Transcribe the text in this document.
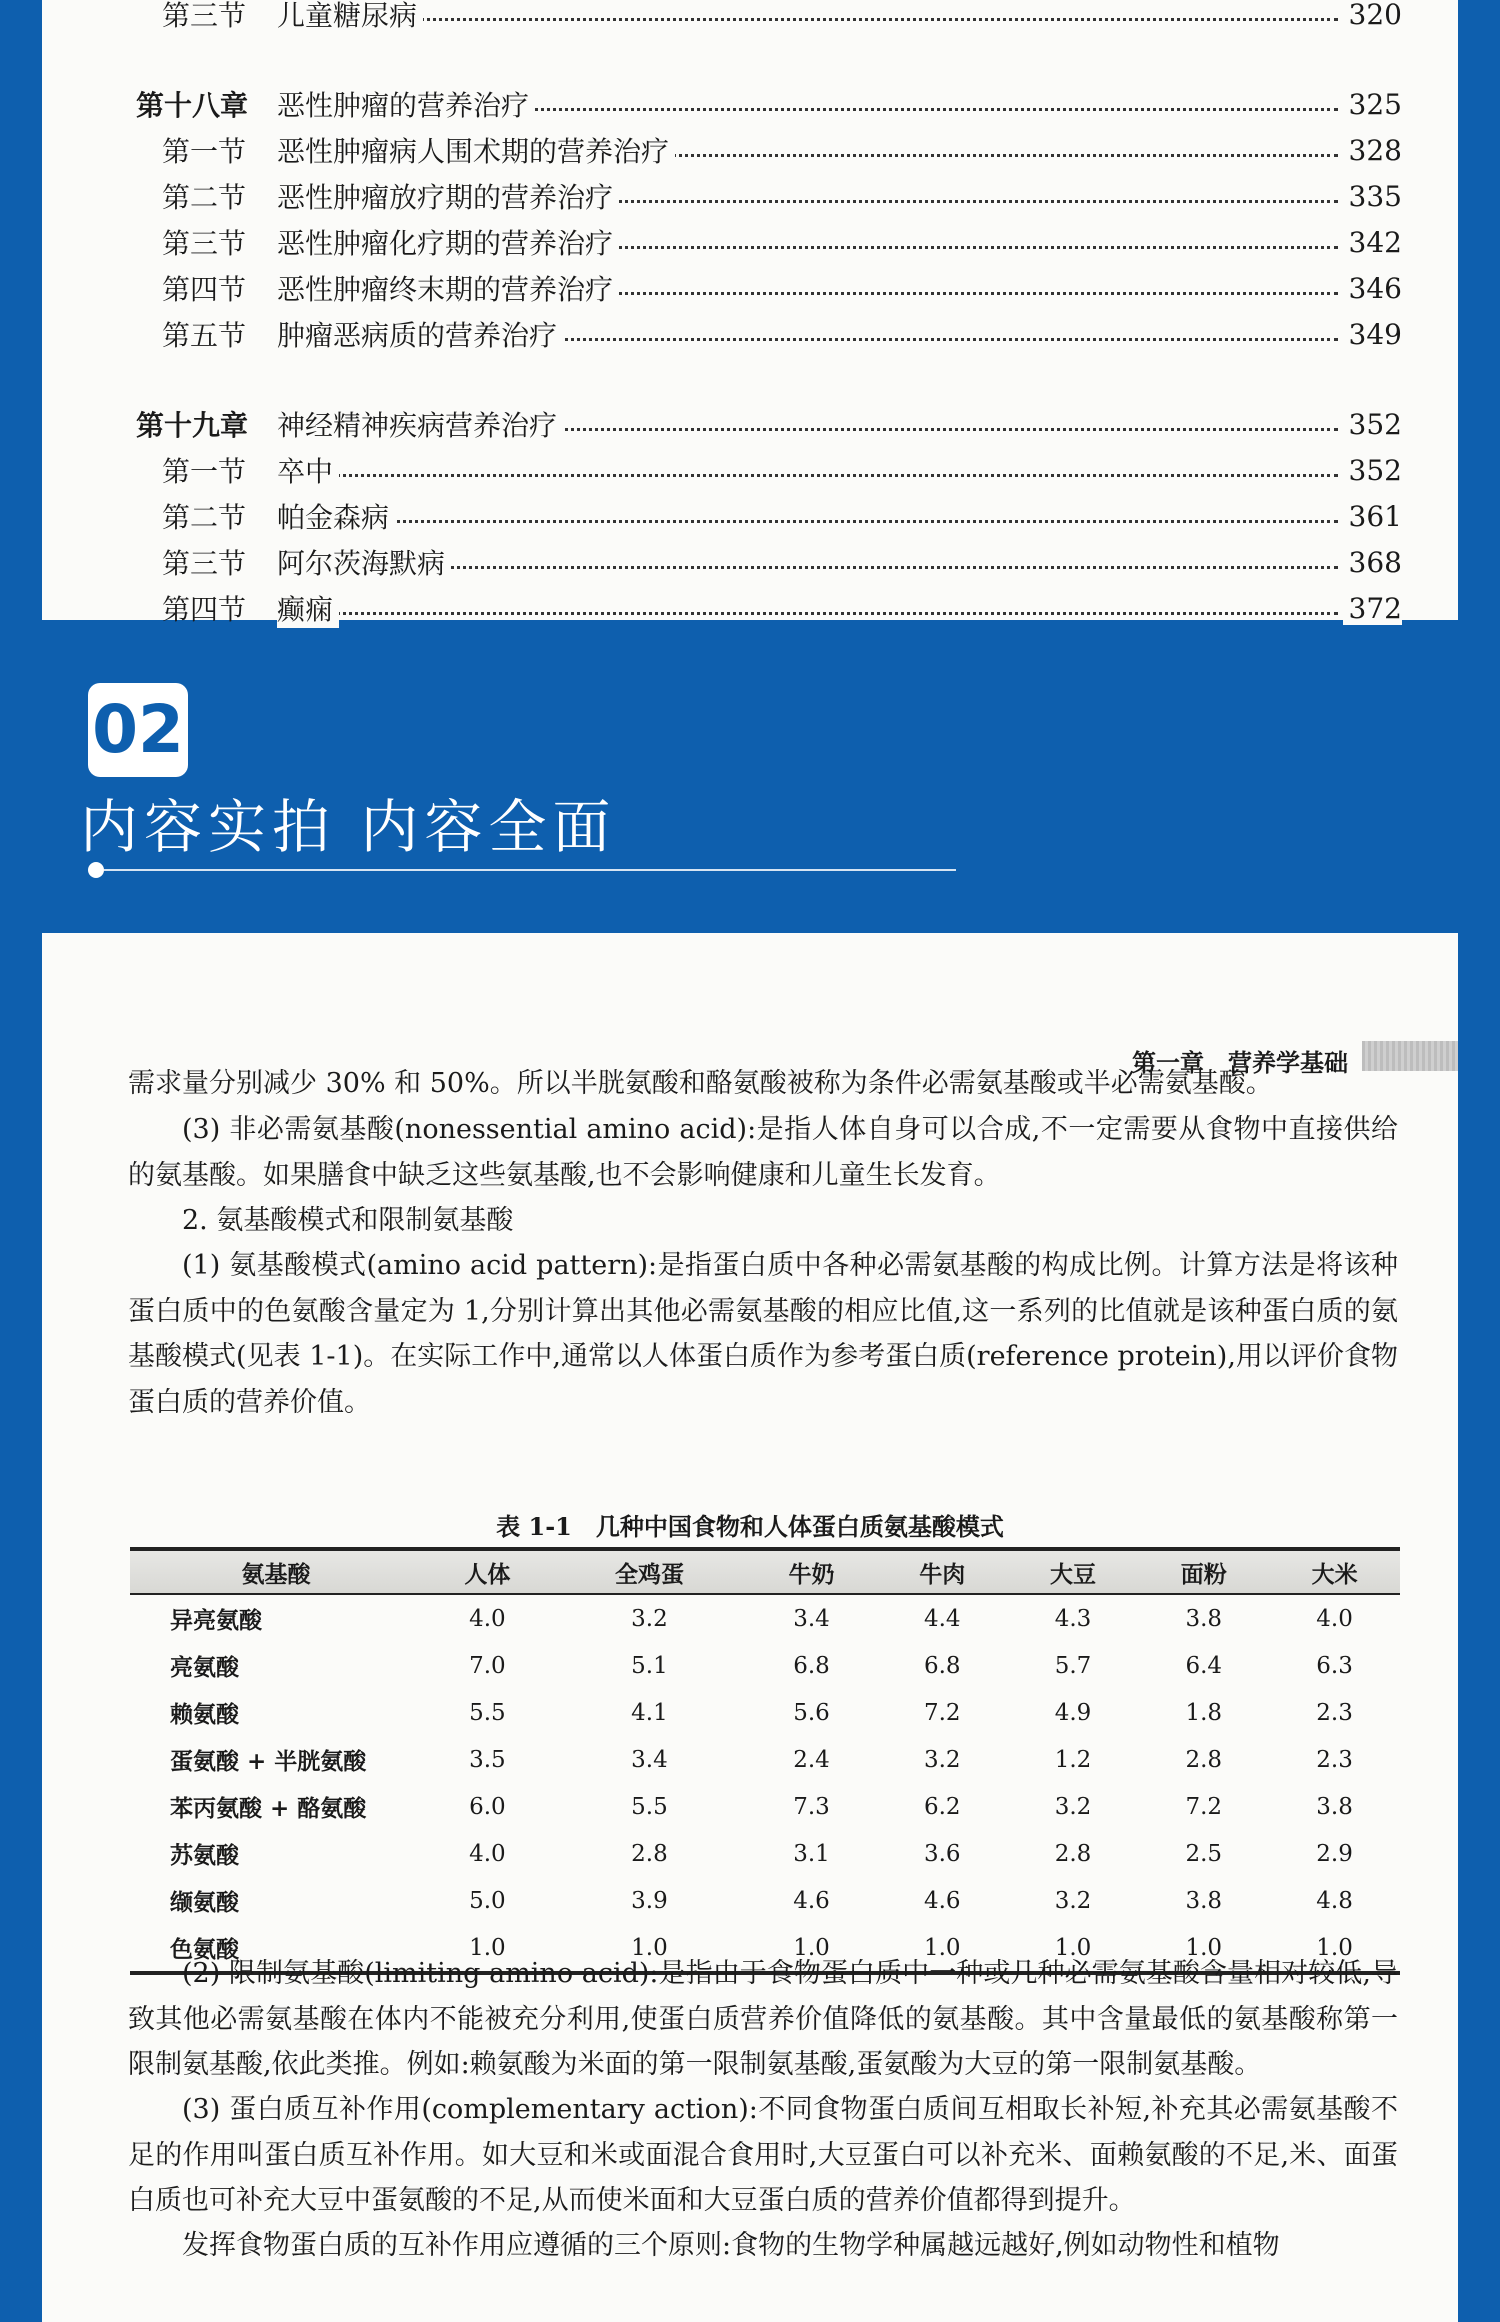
第三节 儿童糖尿病	320
第十八章 恶性肿瘤的营养治疗	325
第一节 恶性肿瘤病人围术期的营养治疗	328
第二节 恶性肿瘤放疗期的营养治疗	335
第三节 恶性肿瘤化疗期的营养治疗	342
第四节 恶性肿瘤终末期的营养治疗	346
第五节 肿瘤恶病质的营养治疗	349
第十九章 神经精神疾病营养治疗	352
第一节 卒中	352
第二节 帕金森病	361
第三节 阿尔茨海默病	368
第四节 癫痫	372
02
内容实拍 内容全面
第一章　营养学基础

需求量分别减少 30% 和 50%。所以半胱氨酸和酪氨酸被称为条件必需氨基酸或半必需氨基酸。

(3) 非必需氨基酸(nonessential amino acid):是指人体自身可以合成,不一定需要从食物中直接供给的氨基酸。如果膳食中缺乏这些氨基酸,也不会影响健康和儿童生长发育。

2. 氨基酸模式和限制氨基酸

(1) 氨基酸模式(amino acid pattern):是指蛋白质中各种必需氨基酸的构成比例。计算方法是将该种蛋白质中的色氨酸含量定为 1,分别计算出其他必需氨基酸的相应比值,这一系列的比值就是该种蛋白质的氨基酸模式(见表 1-1)。在实际工作中,通常以人体蛋白质作为参考蛋白质(reference protein),用以评价食物蛋白质的营养价值。

表 1-1　几种中国食物和人体蛋白质氨基酸模式
氨基酸	人体	全鸡蛋	牛奶	牛肉	大豆	面粉	大米
异亮氨酸	4.0	3.2	3.4	4.4	4.3	3.8	4.0
亮氨酸	7.0	5.1	6.8	6.8	5.7	6.4	6.3
赖氨酸	5.5	4.1	5.6	7.2	4.9	1.8	2.3
蛋氨酸 + 半胱氨酸	3.5	3.4	2.4	3.2	1.2	2.8	2.3
苯丙氨酸 + 酪氨酸	6.0	5.5	7.3	6.2	3.2	7.2	3.8
苏氨酸	4.0	2.8	3.1	3.6	2.8	2.5	2.9
缬氨酸	5.0	3.9	4.6	4.6	3.2	3.8	4.8
色氨酸	1.0	1.0	1.0	1.0	1.0	1.0	1.0

(2) 限制氨基酸(limiting amino acid):是指由于食物蛋白质中一种或几种必需氨基酸含量相对较低,导致其他必需氨基酸在体内不能被充分利用,使蛋白质营养价值降低的氨基酸。其中含量最低的氨基酸称第一限制氨基酸,依此类推。例如:赖氨酸为米面的第一限制氨基酸,蛋氨酸为大豆的第一限制氨基酸。

(3) 蛋白质互补作用(complementary action):不同食物蛋白质间互相取长补短,补充其必需氨基酸不足的作用叫蛋白质互补作用。如大豆和米或面混合食用时,大豆蛋白可以补充米、面赖氨酸的不足,米、面蛋白质也可补充大豆中蛋氨酸的不足,从而使米面和大豆蛋白质的营养价值都得到提升。

发挥食物蛋白质的互补作用应遵循的三个原则:食物的生物学种属越远越好,例如动物性和植物
